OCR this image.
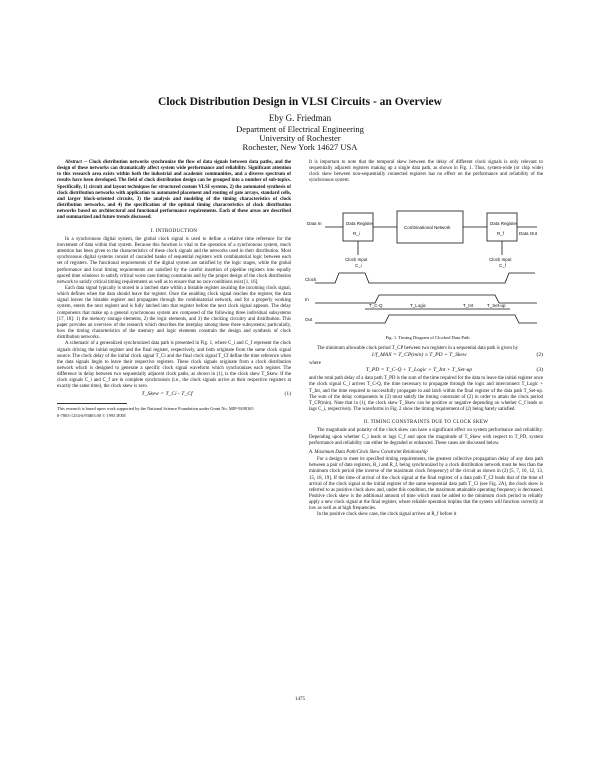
Clock Distribution Design in VLSI Circuits - an Overview
Eby G. Friedman
Department of Electrical Engineering
University of Rochester
Rochester, New York 14627 USA

Abstract -- Clock distribution networks synchronize the flow of data signals between data paths, and the design of these networks can dramatically affect system wide performance and reliability. Significant attention to this research area exists within both the industrial and academic communities, and a diverse spectrum of results have been developed. The field of clock distribution design can be grouped into a number of sub-topics. Specifically, 1) circuit and layout techniques for structured custom VLSI systems, 2) the automated synthesis of clock distribution networks with application to automated placement and routing of gate arrays, standard cells, and larger block-oriented circuits, 3) the analysis and modeling of the timing characteristics of clock distribution networks, and 4) the specification of the optimal timing characteristics of clock distribution networks based on architectural and functional performance requirements. Each of these areas are described and summarized and future trends discussed.

I. INTRODUCTION

In a synchronous digital system, the global clock signal is used to define a relative time reference for the movement of data within that system. Because this function is vital to the operation of a synchronous system, much attention has been given to the characteristics of these clock signals and the networks used in their distribution. Most synchronous digital systems consist of cascaded banks of sequential registers with combinatorial logic between each set of registers. The functional requirements of the digital system are satisfied by the logic stages, while the global performance and local timing requirements are satisfied by the careful insertion of pipeline registers into equally spaced time windows to satisfy critical worst case timing constraints and by the proper design of the clock distribution network to satisfy critical timing requirements as well as to ensure that no race conditions exist [1, 16].

Each data signal typically is stored in a latched state within a bistable register awaiting the incoming clock signal, which defines when the data should leave the register. Once the enabling clock signal reaches the register, the data signal leaves the bistable register and propagates through the combinatorial network, and for a properly working system, enters the next register and is fully latched into that register before the next clock signal appears. The delay components that make up a general synchronous system are composed of the following three individual subsystems [17, 18]: 1) the memory storage elements, 2) the logic elements, and 3) the clocking circuitry and distribution. This paper provides an overview of the research which describes the interplay among these three subsystems; particularly, how the timing characteristics of the memory and logic elements constrain the design and synthesis of clock distribution networks.

A schematic of a generalized synchronized data path is presented in Fig. 1, where C_i and C_f represent the clock signals driving the initial register and the final register, respectively, and both originate from the same clock signal source. The clock delay of the initial clock signal T_Ci and the final clock signal T_Cf define the time reference when the data signals begin to leave their respective registers. These clock signals originate from a clock distribution network which is designed to generate a specific clock signal waveform which synchronizes each register. The difference in delay between two sequentially adjacent clock paths, as shown in (1), is the clock skew T_Skew. If the clock signals C_i and C_f are in complete synchronism (i.e., the clock signals arrive at their respective registers at exactly the same time), the clock skew is zero.

T_Skew = T_Ci - T_Cf	(1)
This research is based upon work supported by the National Science Foundation under Grant No. MIP-9208165
0-7803-1254-6/93$03.00 © 1993 IEEE

It is important to note that the temporal skew between the delay of different clock signals is only relevant to sequentially adjacent registers making up a single data path, as shown in Fig. 1. Thus, system-wide (or chip wide) clock skew between non-sequentially connected registers has no effect on the performance and reliability of the synchronous system.

Data Register
R_i
Combinational Network
Data Register
R_f
Data In
Data Out
Clock Input
C_i
Clock Input
C_f
Clock
In
Out
T_C-Q	T_Logic	T_Int	T_Set-up
Fig. 1. Timing Diagram of Clocked Data Path

The minimum allowable clock period T_CP between two registers in a sequential data path is given by

1/f_MAX = T_CP(min) ≥ T_PD + T_Skew	(2)
where
T_PD = T_C-Q + T_Logic + T_Int + T_Set-up	(3)

and the total path delay of a data path T_PD is the sum of the time required for the data to leave the initial register once the clock signal C_i arrives T_C-Q, the time necessary to propagate through the logic and interconnect T_Logic + T_Int, and the time required to successfully propagate to and latch within the final register of the data path T_Set-up. The sum of the delay components in (3) must satisfy the timing constraint of (2) in order to attain the clock period T_CP(min). Note that in (1), the clock skew T_Skew can be positive or negative depending on whether C_f leads or lags C_i, respectively. The waveforms in Fig. 2 show the timing requirement of (2) being barely satisfied.

II. TIMING CONSTRAINTS DUE TO CLOCK SKEW

The magnitude and polarity of the clock skew can have a significant effect on system performance and reliability. Depending upon whether C_i leads or lags C_f and upon the magnitude of T_Skew with respect to T_PD, system performance and reliability can either be degraded or enhanced. These cases are discussed below.

A. Maximum Data Path/Clock Skew Constraint Relationship

For a design to meet its specified timing requirements, the greatest collective propagation delay of any data path between a pair of data registers, R_i and R_f, being synchronized by a clock distribution network must be less than the minimum clock period (the inverse of the maximum clock frequency) of the circuit as shown in (2) [5, 7, 10, 12, 13, 15, 18, 19]. If the time of arrival of the clock signal at the final register of a data path T_Cf leads that of the time of arrival of the clock signal at the initial register of the same sequential data path T_Ci (see Fig. 2A), the clock skew is referred to as positive clock skew and, under this condition, the maximum attainable operating frequency is decreased. Positive clock skew is the additional amount of time which must be added to the minimum clock period to reliably apply a new clock signal at the final register, where reliable operation implies that the system will function correctly at low as well as at high frequencies.

In the positive clock skew case, the clock signal arrives at R_f before it

1475
